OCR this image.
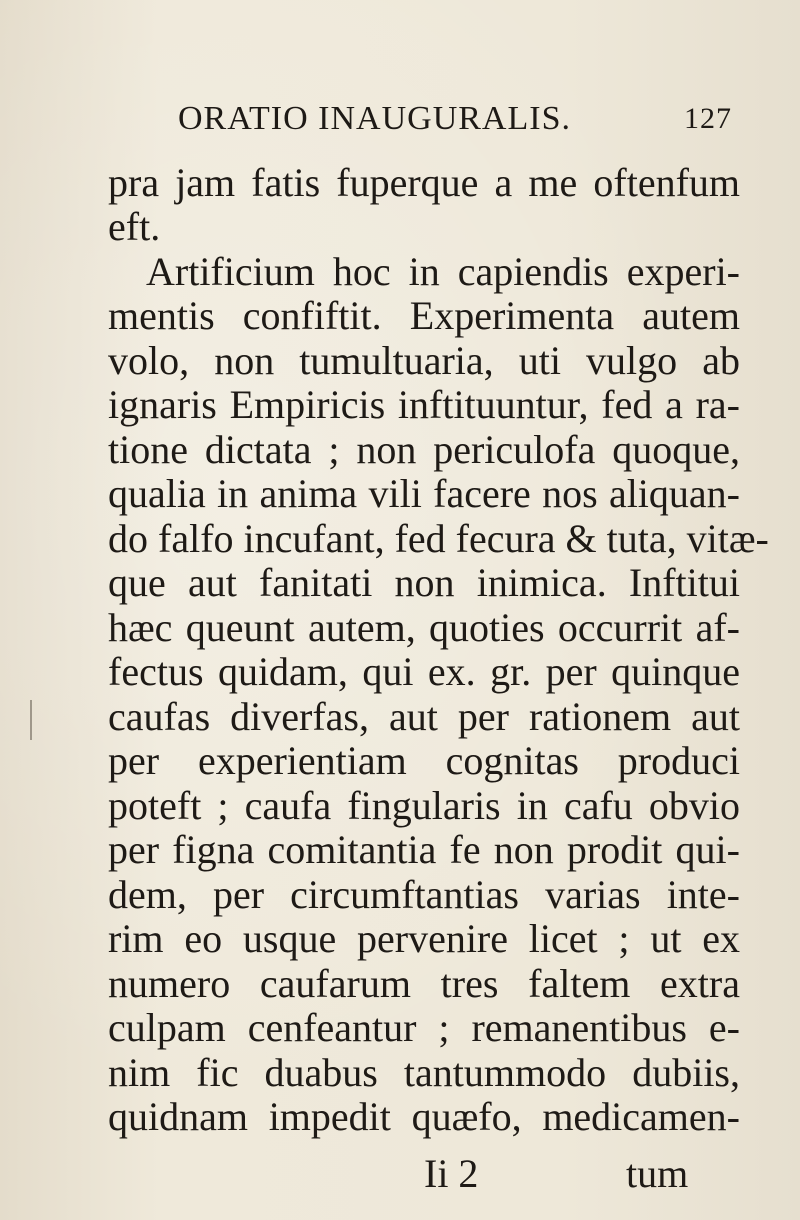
ORATIO INAUGURALIS.	127
pra jam fatis fuperque a me oftenfum
eft.
Artificium hoc in capiendis experi-
mentis confiftit. Experimenta autem
volo, non tumultuaria, uti vulgo ab
ignaris Empiricis inftituuntur, fed a ra-
tione dictata ; non periculofa quoque,
qualia in anima vili facere nos aliquan-
do falfo incufant, fed fecura & tuta, vitæ-
que aut fanitati non inimica. Inftitui
hæc queunt autem, quoties occurrit af-
fectus quidam, qui ex. gr. per quinque
caufas diverfas, aut per rationem aut
per experientiam cognitas produci
poteft ; caufa fingularis in cafu obvio
per figna comitantia fe non prodit qui-
dem, per circumftantias varias inte-
rim eo usque pervenire licet ; ut ex
numero caufarum tres faltem extra
culpam cenfeantur ; remanentibus e-
Ii 2	tum
nim fic duabus tantummodo dubiis,
quidnam impedit quæfo, medicamen-
